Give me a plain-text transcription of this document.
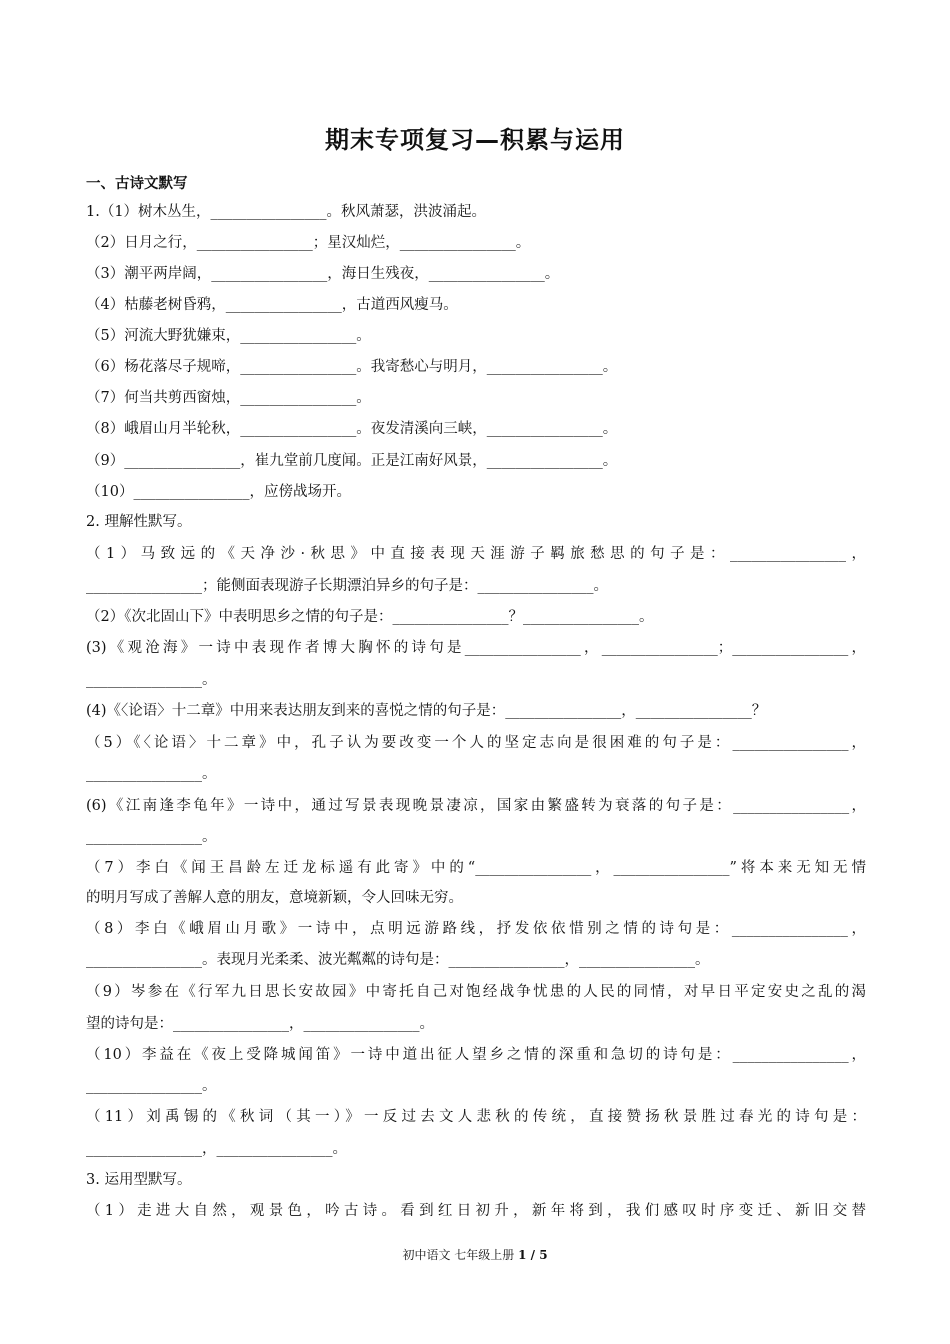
期末专项复习—积累与运用
一、古诗文默写
1.（1）树木丛生，________________。秋风萧瑟，洪波涌起。
（2）日月之行，________________；星汉灿烂，________________。
（3）潮平两岸阔，________________，海日生残夜，________________。
（4）枯藤老树昏鸦，________________，古道西风瘦马。
（5）河流大野犹嫌束，________________。
（6）杨花落尽子规啼，________________。我寄愁心与明月，________________。
（7）何当共剪西窗烛，________________。
（8）峨眉山月半轮秋，________________。夜发清溪向三峡，________________。
（9）________________，崔九堂前几度闻。正是江南好风景，________________。
（10）________________，应傍战场开。
2. 理解性默写。
（1）马致远的《天净沙·秋思》中直接表现天涯游子羁旅愁思的句子是：________________，
________________；能侧面表现游子长期漂泊异乡的句子是：________________。
（2）《次北固山下》中表明思乡之情的句子是：________________？________________。
(3)《观沧海》一诗中表现作者博大胸怀的诗句是________________，________________；________________，
________________。
(4)《〈论语〉十二章》中用来表达朋友到来的喜悦之情的句子是：________________，________________？
（5）《〈论语〉十二章》中，孔子认为要改变一个人的坚定志向是很困难的句子是：________________，
________________。
(6)《江南逢李龟年》一诗中，通过写景表现晚景凄凉，国家由繁盛转为衰落的句子是：________________，
________________。
（7）李白《闻王昌龄左迁龙标遥有此寄》中的“________________，________________”将本来无知无情
的明月写成了善解人意的朋友，意境新颖，令人回味无穷。
（8）李白《峨眉山月歌》一诗中，点明远游路线，抒发依依惜别之情的诗句是：________________，
________________。表现月光柔柔、波光粼粼的诗句是：________________，________________。
（9）岑参在《行军九日思长安故园》中寄托自己对饱经战争忧患的人民的同情，对早日平定安史之乱的渴
望的诗句是：________________，________________。
（10）李益在《夜上受降城闻笛》一诗中道出征人望乡之情的深重和急切的诗句是：________________，
________________。
（11）刘禹锡的《秋词（其一）》一反过去文人悲秋的传统，直接赞扬秋景胜过春光的诗句是：
________________，________________。
3. 运用型默写。
（1）走进大自然，观景色，吟古诗。看到红日初升，新年将到，我们感叹时序变迁、新旧交替
初中语文 七年级上册 1 / 5
